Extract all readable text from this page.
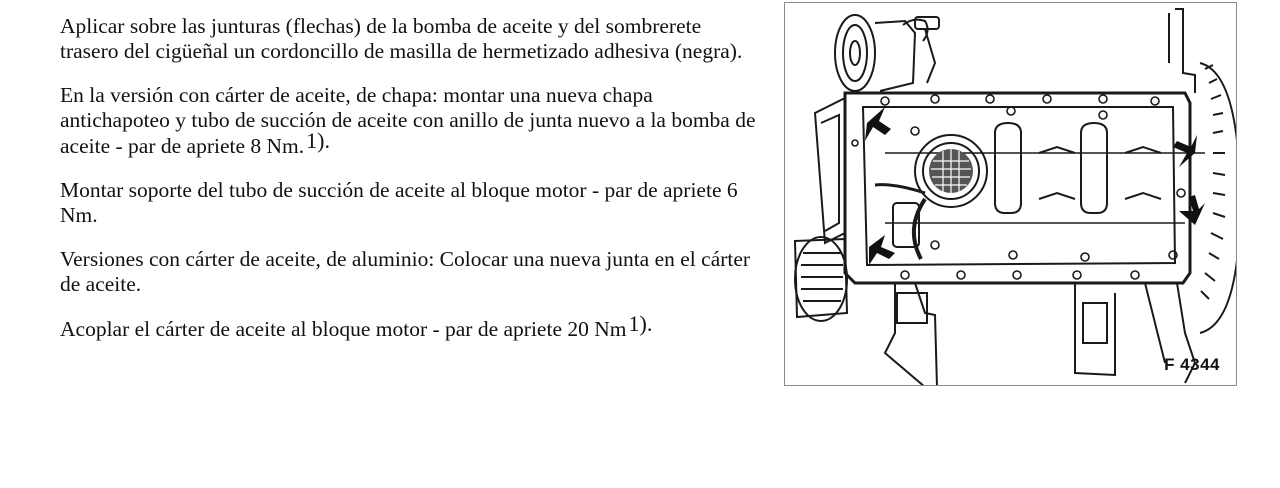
Aplicar sobre las junturas (flechas) de la bomba de aceite y del sombrerete trasero del cigüeñal un cordoncillo de masilla de hermetizado adhesiva (negra).

En la versión con cárter de aceite, de chapa: montar una nueva chapa antichapoteo y tubo de succión de aceite con anillo de junta nuevo a la bomba de aceite - par de apriete 8 Nm.1).

Montar soporte del tubo de succión de aceite al bloque motor - par de apriete 6 Nm.

Versiones con cárter de aceite, de aluminio: Colocar una nueva junta en el cárter de aceite.

Acoplar el cárter de aceite al bloque motor - par de apriete 20 Nm1).

F 4344
